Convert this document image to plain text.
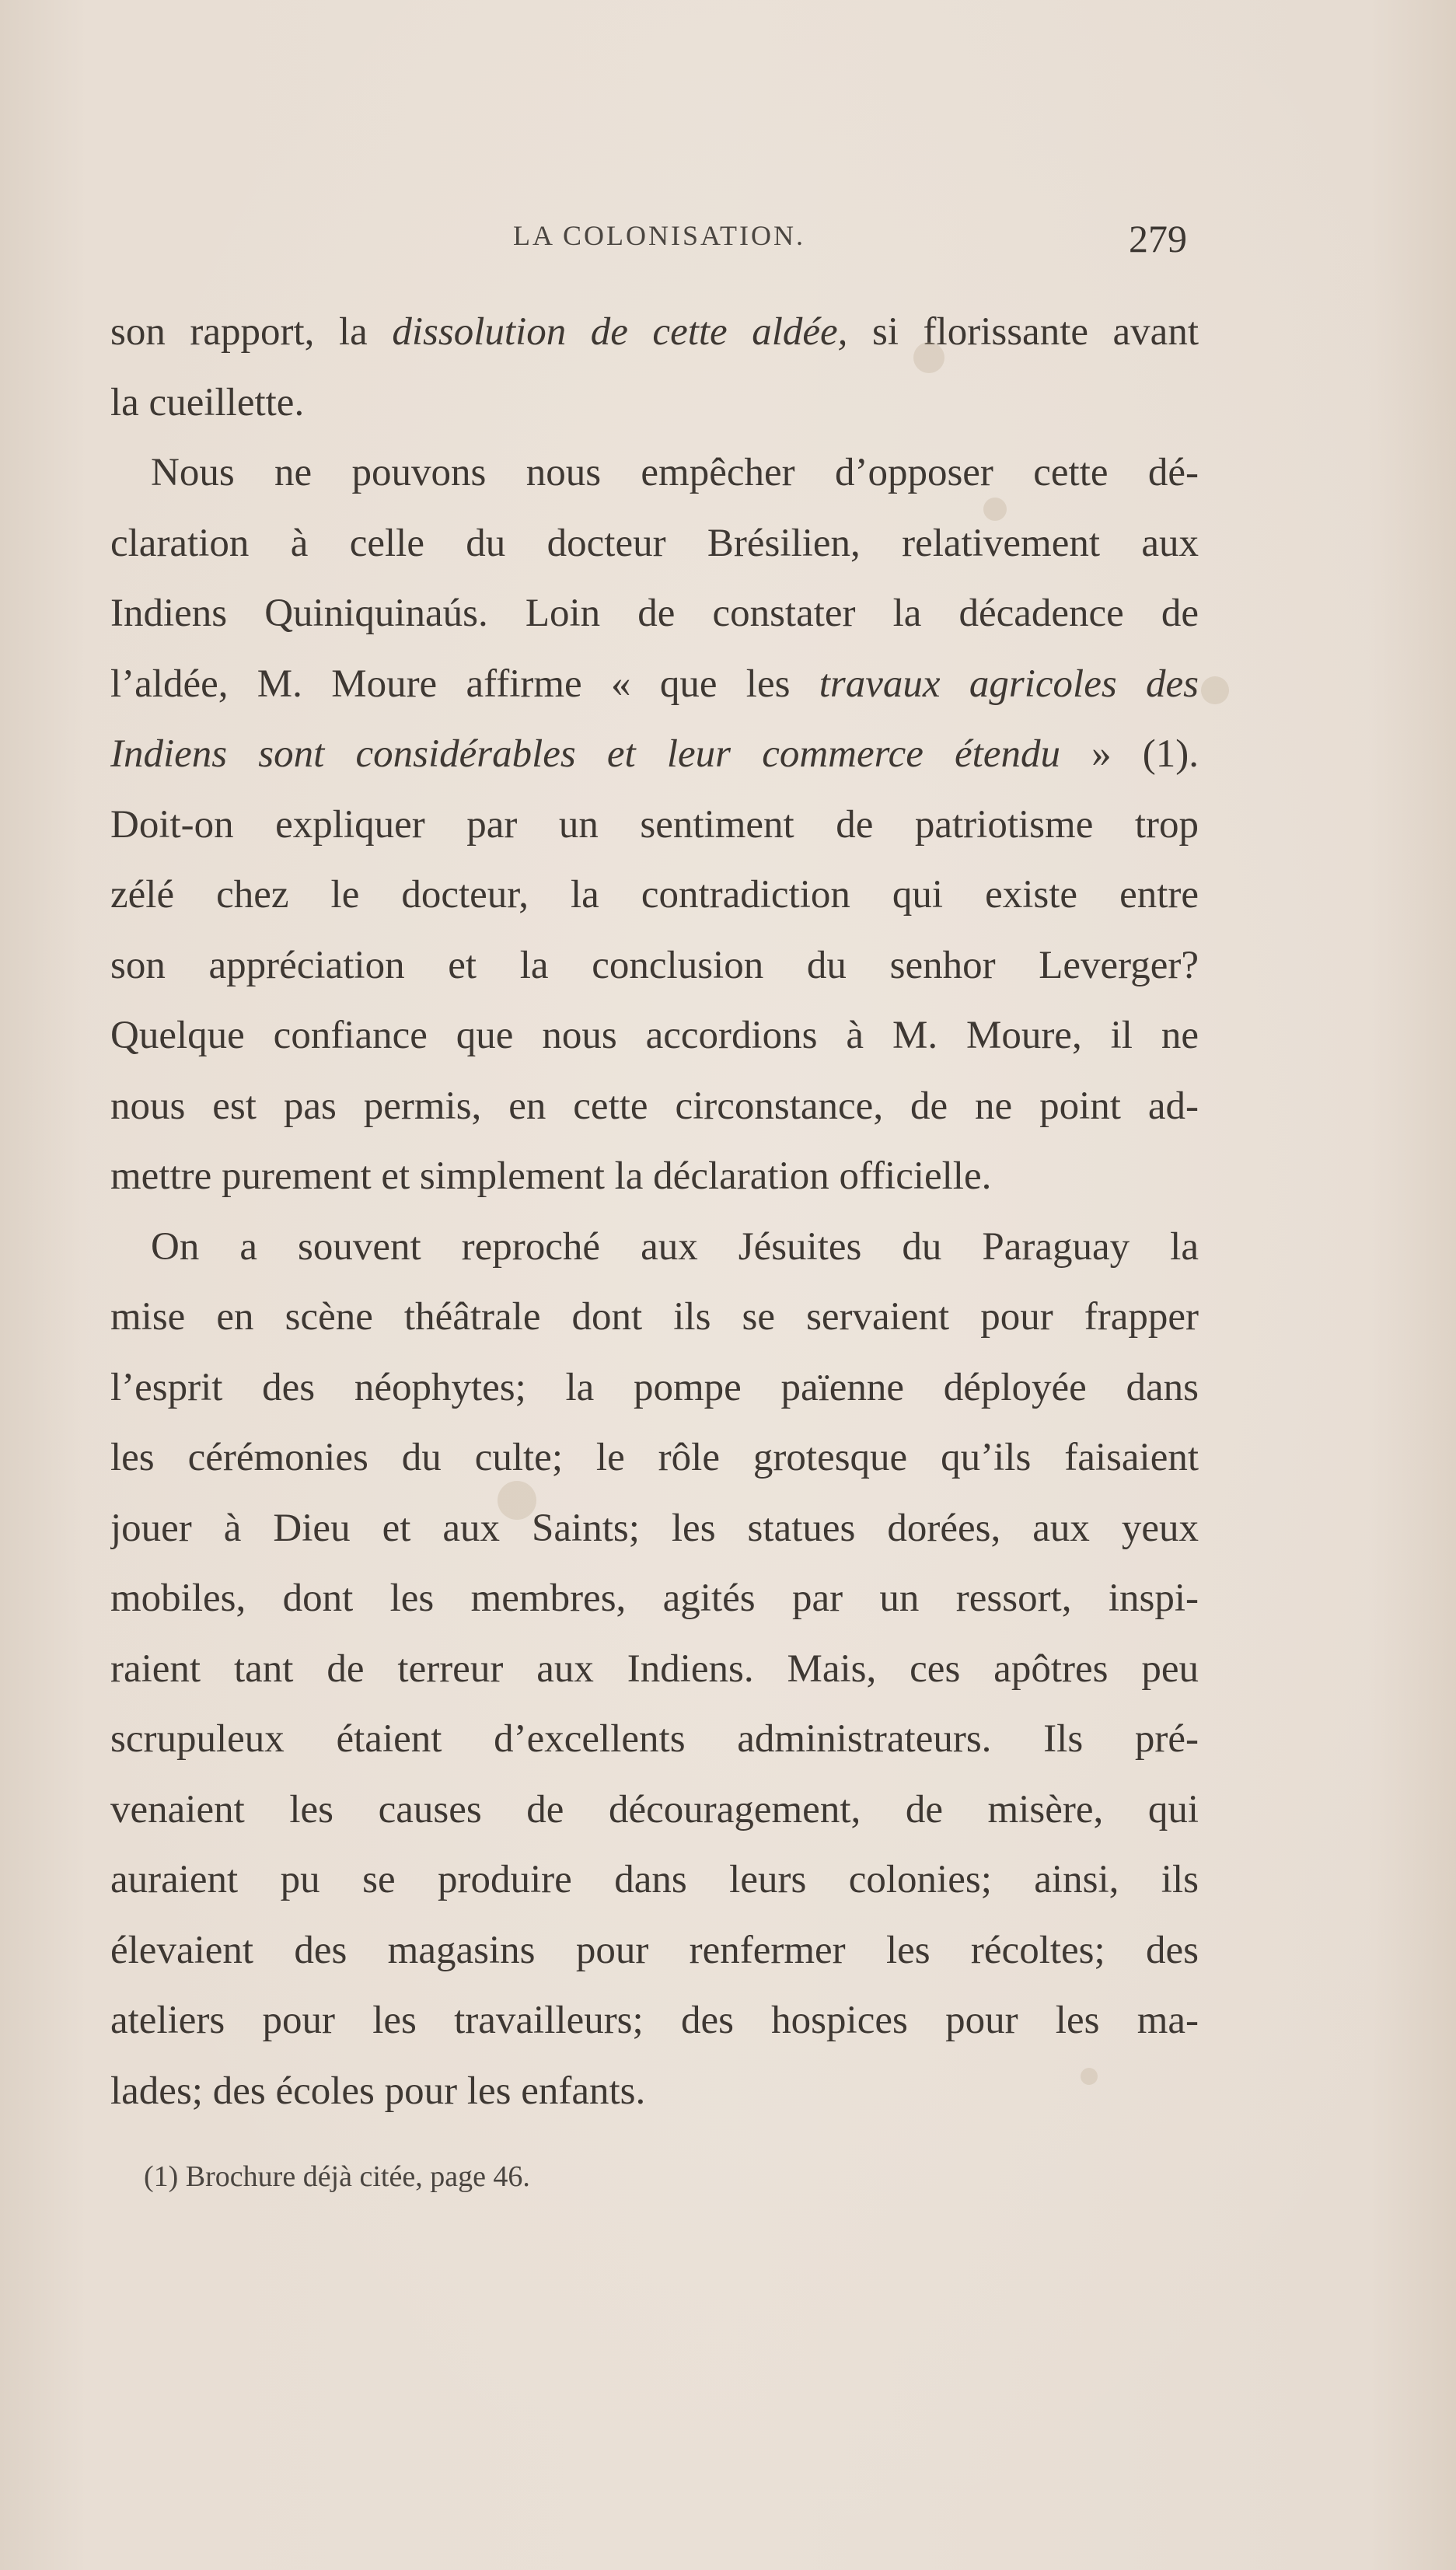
LA COLONISATION.	279
son rapport, la dissolution de cette aldée, si florissante avant
la cueillette.
Nous ne pouvons nous empêcher d’opposer cette dé-
claration à celle du docteur Brésilien, relativement aux
Indiens Quiniquinaús. Loin de constater la décadence de
l’aldée, M. Moure affirme « que les travaux agricoles des
Indiens sont considérables et leur commerce étendu » (1).
Doit-on expliquer par un sentiment de patriotisme trop
zélé chez le docteur, la contradiction qui existe entre
son appréciation et la conclusion du senhor Leverger?
Quelque confiance que nous accordions à M. Moure, il ne
nous est pas permis, en cette circonstance, de ne point ad-
mettre purement et simplement la déclaration officielle.
On a souvent reproché aux Jésuites du Paraguay la
mise en scène théâtrale dont ils se servaient pour frapper
l’esprit des néophytes; la pompe païenne déployée dans
les cérémonies du culte; le rôle grotesque qu’ils faisaient
jouer à Dieu et aux Saints; les statues dorées, aux yeux
mobiles, dont les membres, agités par un ressort, inspi-
raient tant de terreur aux Indiens. Mais, ces apôtres peu
scrupuleux étaient d’excellents administrateurs. Ils pré-
venaient les causes de découragement, de misère, qui
auraient pu se produire dans leurs colonies; ainsi, ils
élevaient des magasins pour renfermer les récoltes; des
ateliers pour les travailleurs; des hospices pour les ma-
lades; des écoles pour les enfants.
(1) Brochure déjà citée, page 46.
